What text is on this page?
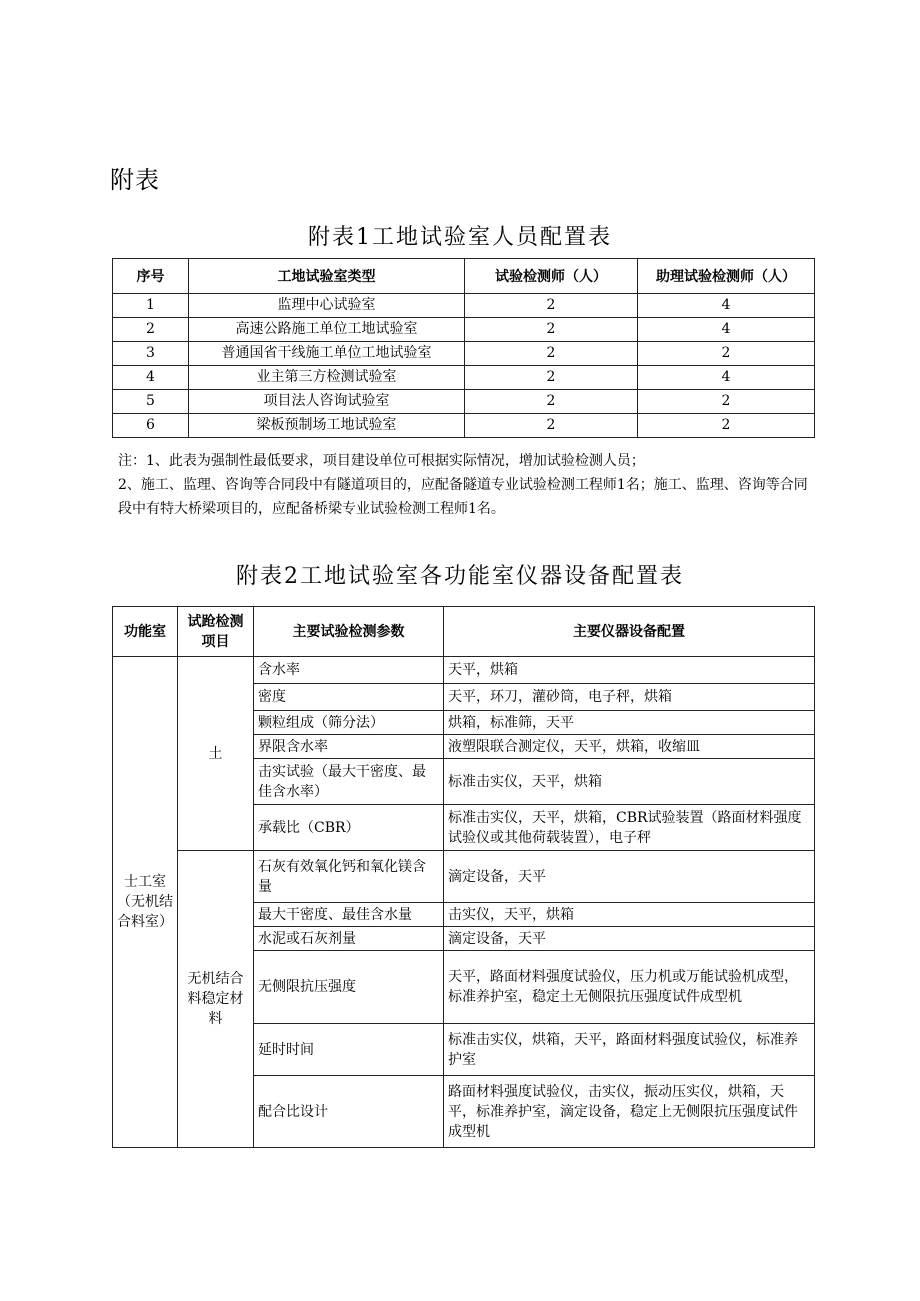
附表
附表1工地试验室人员配置表
序号	工地试验室类型	试验检测师（人）	助理试验检测师（人）
1	监理中心试验室	2	4
2	高速公路施工单位工地试验室	2	4
3	普通国省干线施工单位工地试验室	2	2
4	业主第三方检测试验室	2	4
5	项目法人咨询试验室	2	2
6	梁板预制场工地试验室	2	2

注：1、此表为强制性最低要求，项目建设单位可根据实际情况，增加试验检测人员；

2、施工、监理、咨询等合同段中有隧道项目的，应配备隧道专业试验检测工程师1名；施工、监理、咨询等合同段中有特大桥梁项目的，应配备桥梁专业试验检测工程师1名。

附表2工地试验室各功能室仪器设备配置表
功能室	试跄检测项目	主要试验检测参数	主要仪器设备配置
士工室（无机结合料室）	土	含水率	天平，烘箱
		密度	天平，环刀，灌砂筒，电子秤，烘箱
		颗粒组成（筛分法）	烘箱，标准筛，天平
		界限含水率	液塑限联合测定仪，天平，烘箱，收缩皿
		击实试验（最大干密度、最佳含水率）	标准击实仪，天平，烘箱
		承载比（CBR）	标准击实仪，天平，烘箱，CBR试验装置（路面材料强度试验仪或其他荷载装置），电子秤
	无机结合料稳定材料	石灰有效氧化钙和氧化镁含量	滴定设备，天平
		最大干密度、最佳含水量	击实仪，天平，烘箱
		水泥或石灰剂量	滴定设备，天平
		无侧限抗压强度	天平，路面材料强度试验仪，压力机或万能试验机成型，标准养护室，稳定土无侧限抗压强度试件成型机
		延时时间	标准击实仪，烘箱，天平，路面材料强度试验仪，标准养护室
		配合比设计	路面材料强度试验仪，击实仪，振动压实仪，烘箱，天平，标准养护室，滴定设备，稳定上无侧限抗压强度试件成型机
